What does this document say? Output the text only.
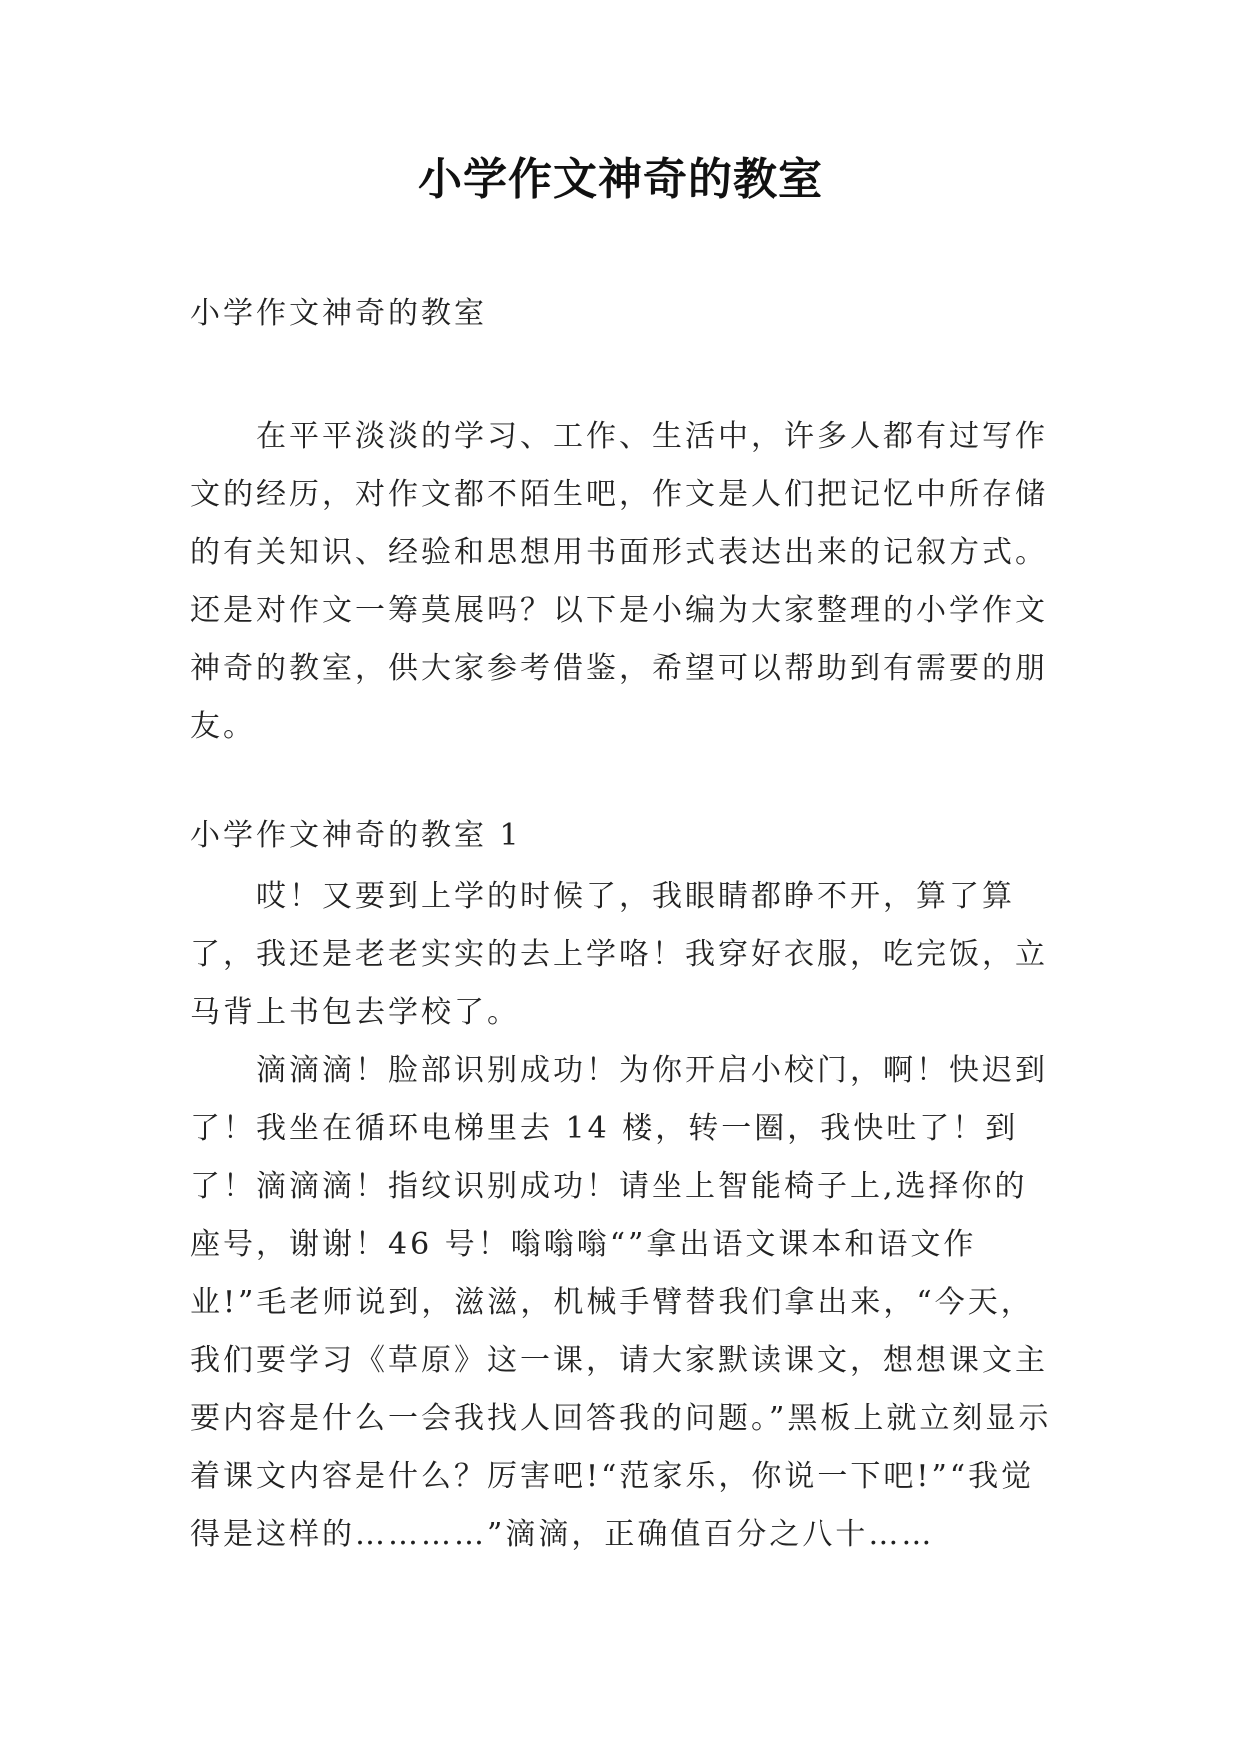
小学作文神奇的教室
小学作文神奇的教室

在平平淡淡的学习、工作、生活中，许多人都有过写作文的经历，对作文都不陌生吧，作文是人们把记忆中所存储的有关知识、经验和思想用书面形式表达出来的记叙方式。还是对作文一筹莫展吗？以下是小编为大家整理的小学作文神奇的教室，供大家参考借鉴，希望可以帮助到有需要的朋友。

小学作文神奇的教室 1

哎！又要到上学的时候了，我眼睛都睁不开，算了算了，我还是老老实实的去上学咯！我穿好衣服，吃完饭，立马背上书包去学校了。

滴滴滴！脸部识别成功！为你开启小校门，啊！快迟到了！我坐在循环电梯里去 14 楼，转一圈，我快吐了！到了！滴滴滴！指纹识别成功！请坐上智能椅子上,选择你的座号，谢谢！46 号！嗡嗡嗡“”拿出语文课本和语文作业!”毛老师说到，滋滋，机械手臂替我们拿出来，“今天，我们要学习《草原》这一课，请大家默读课文，想想课文主要内容是什么一会我找人回答我的问题。”黑板上就立刻显示着课文内容是什么？厉害吧!“范家乐，你说一下吧!”“我觉得是这样的…………”滴滴，正确值百分之八十……
